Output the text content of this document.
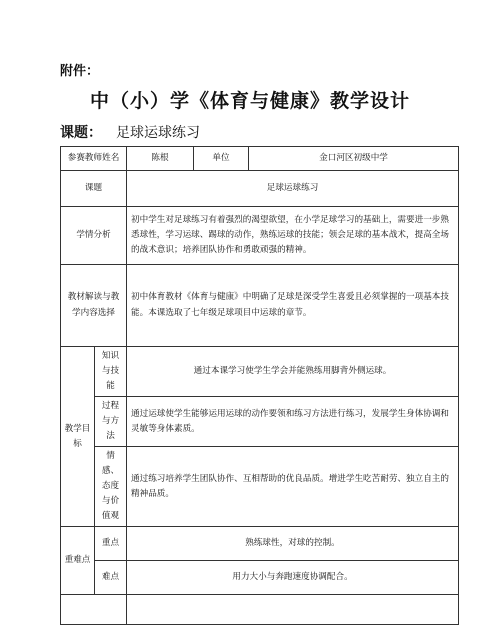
附件：
中（小）学《体育与健康》教学设计
课题： 足球运球练习
参赛教师姓名		陈根	单位	金口河区初级中学
课题		足球运球练习		
学情分析		初中学生对足球练习有着强烈的渴望欲望，在小学足球学习的基础上，需要进一步熟悉球性，学习运球、踢球的动作，熟练运球的技能；领会足球的基本战术，提高全场的战术意识；培养团队协作和勇敢顽强的精神。		
教材解读与教学内容选择		初中体育教材《体育与健康》中明确了足球是深受学生喜爱且必须掌握的一项基本技能。本课选取了七年级足球项目中运球的章节。		
教学目标	知识与技能	通过本课学习使学生学会并能熟练用脚背外侧运球。		
	过程与方法	通过运球使学生能够运用运球的动作要领和练习方法进行练习，发展学生身体协调和灵敏等身体素质。		
	情感、态度与价值观	通过练习培养学生团队协作、互相帮助的优良品质。增进学生吃苦耐劳、独立自主的精神品质。		
重难点	重点	熟练球性，对球的控制。		
	难点	用力大小与奔跑速度协调配合。		
